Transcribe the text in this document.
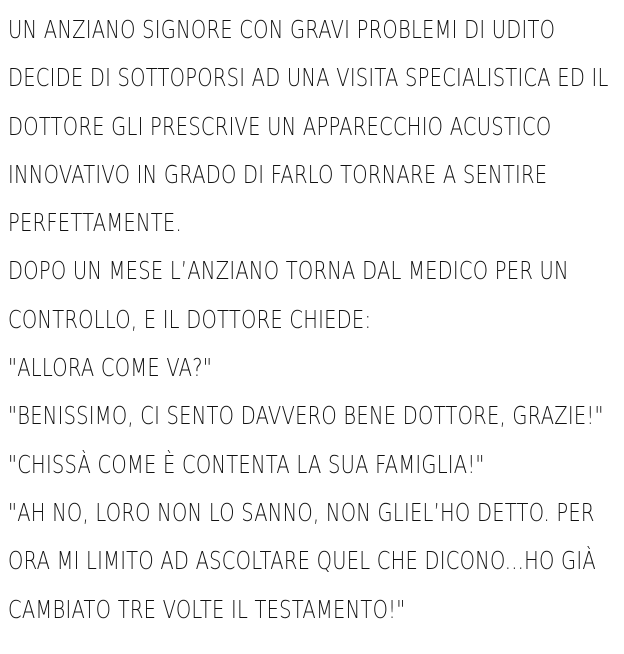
UN ANZIANO SIGNORE CON GRAVI PROBLEMI DI UDITO
DECIDE DI SOTTOPORSI AD UNA VISITA SPECIALISTICA ED IL
DOTTORE GLI PRESCRIVE UN APPARECCHIO ACUSTICO
INNOVATIVO IN GRADO DI FARLO TORNARE A SENTIRE
PERFETTAMENTE.
DOPO UN MESE L’ANZIANO TORNA DAL MEDICO PER UN
CONTROLLO, E IL DOTTORE CHIEDE:
"ALLORA COME VA?"
"BENISSIMO, CI SENTO DAVVERO BENE DOTTORE, GRAZIE!"
"CHISSÀ COME È CONTENTA LA SUA FAMIGLIA!"
"AH NO, LORO NON LO SANNO, NON GLIEL’HO DETTO. PER
ORA MI LIMITO AD ASCOLTARE QUEL CHE DICONO...HO GIÀ
CAMBIATO TRE VOLTE IL TESTAMENTO!"
